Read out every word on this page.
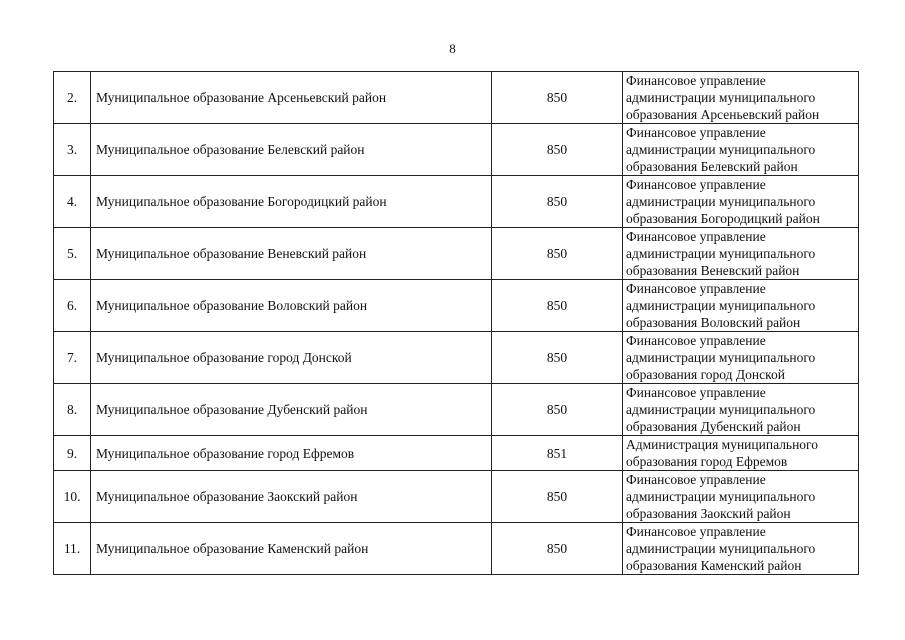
8
2.	Муниципальное образование Арсеньевский район	850	Финансовое управление
администрации муниципального
образования Арсеньевский район

3.	Муниципальное образование Белевский район	850	Финансовое управление
администрации муниципального
образования Белевский район

4.	Муниципальное образование Богородицкий район	850	Финансовое управление
администрации муниципального
образования Богородицкий район

5.	Муниципальное образование Веневский район	850	Финансовое управление
администрации муниципального
образования Веневский район

6.	Муниципальное образование Воловский район	850	Финансовое управление
администрации муниципального
образования Воловский район

7.	Муниципальное образование город Донской	850	Финансовое управление
администрации муниципального
образования город Донской

8.	Муниципальное образование Дубенский район	850	Финансовое управление
администрации муниципального
образования Дубенский район

9.	Муниципальное образование город Ефремов	851	Администрация муниципального
образования город Ефремов

10.	Муниципальное образование Заокский район	850	Финансовое управление
администрации муниципального
образования Заокский район

11.	Муниципальное образование Каменский район	850	Финансовое управление
администрации муниципального
образования Каменский район
